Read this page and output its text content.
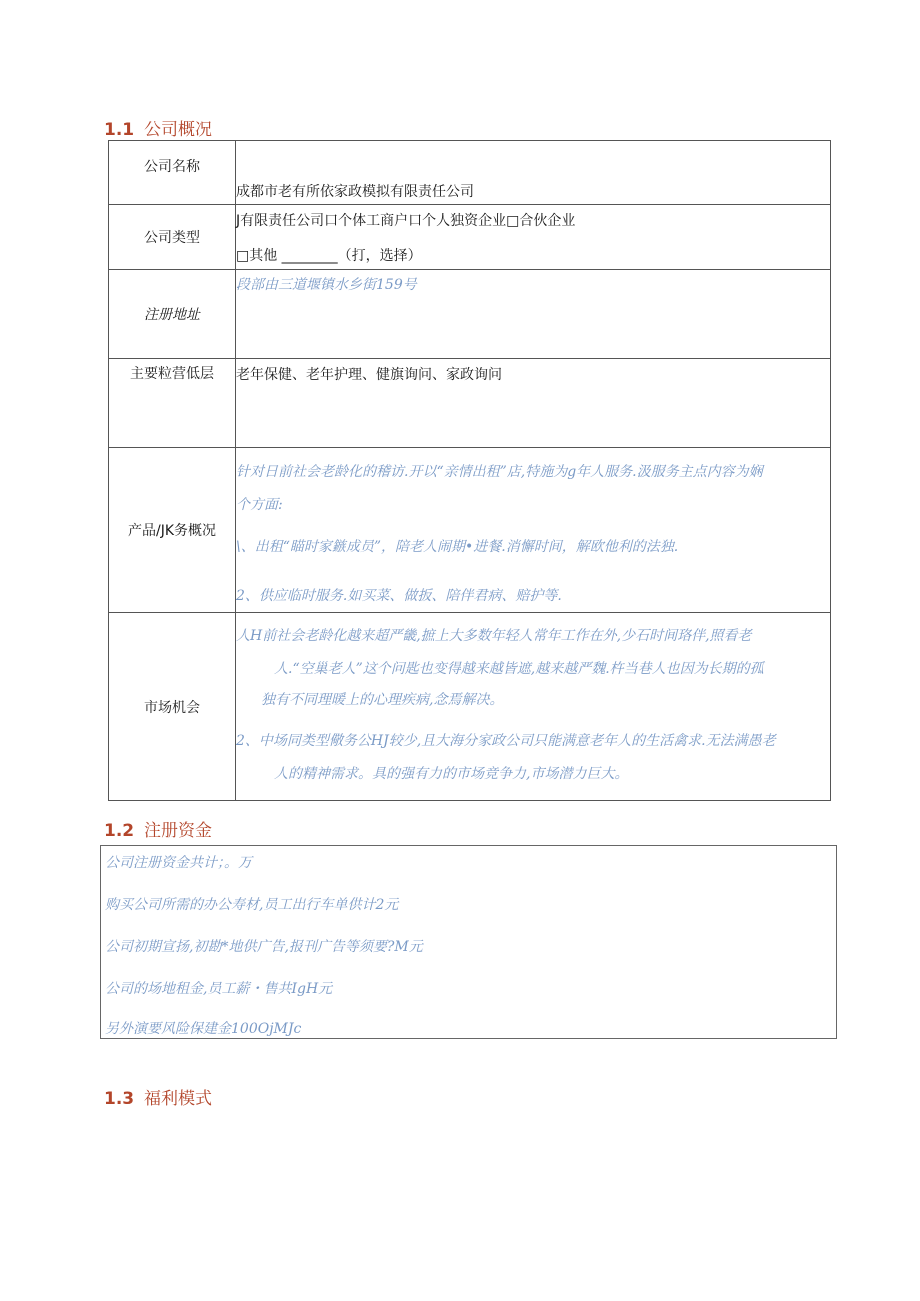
1.1 公司概况
公司名称	成都市老有所依家政模拟有限责任公司

公司类型	J有限责任公司口个体工商户口个人独资企业□合伙企业
□其他 ________（打，选择）

注册地址	段部由三道堰镇水乡街159号

主要粒营低层	老年保健、老年护理、健旗询问、家政询问

产品/JK务概况	针对日前社会老龄化的稽访.开以“亲情出租”店,特施为g年人服务.汲服务主点内容为娴
个方面:
\、出租“瞄时家鏃成员”，陪老人闹期•进餐.消懈时间，解欧他利的法独.
2、供应临时服务.如买菜、做扳、陪伴君病、赔护等.

市场机会	人H前社会老龄化越来超严畿,摭上大多数年轻人常年工作在外,少石时间珞伴,照看老
人.“空巢老人”这个问匙也变得越来越皆遮,越来越严魏.杵当巷人也因为长期的孤
独有不同理暖上的心理疾病,念焉解决。
2、中场同类型儆务公HJ较少,且大海分家政公司只能满意老年人的生活禽求.无法满愚老
人的精神需求。具的强有力的市场竞争力,市场潜力巨大。
1.2 注册资金
公司注册资金共计；。万
购买公司所需的办公寿材,员工出行车单供计2元
公司初期宣扬,初勘*地供广告,报刊广告等须要?M元
公司的场地租金,员工薪・售共IgH元
另外演要风险保建金100OjMJc
1.3 福利模式
